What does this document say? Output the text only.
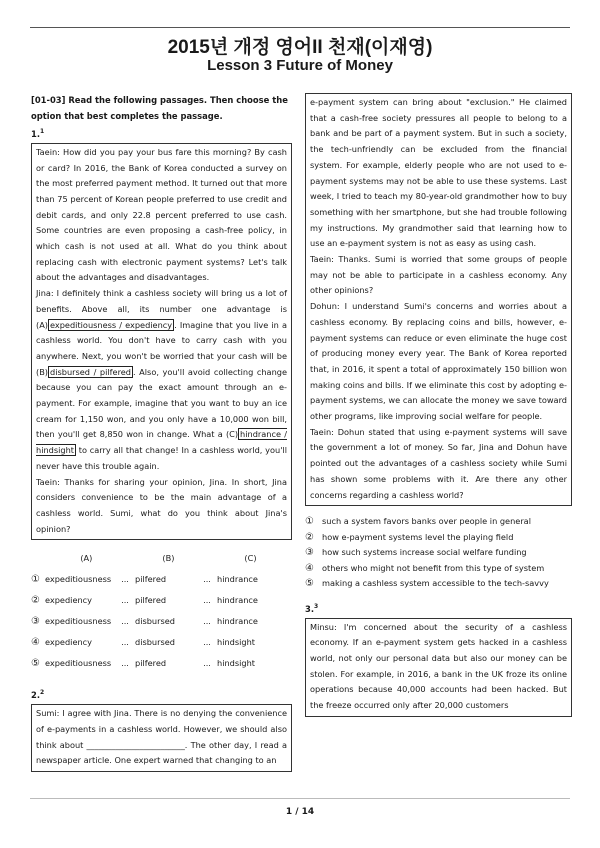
2015년 개정 영어II 천재(이재영)
Lesson 3 Future of Money
[01-03] Read the following passages. Then choose the option that best completes the passage.
1.$^1$

Taein: How did you pay your bus fare this morning? By cash or card? In 2016, the Bank of Korea conducted a survey on the most preferred payment method. It turned out that more than 75 percent of Korean people preferred to use credit and debit cards, and only 22.8 percent preferred to use cash. Some countries are even proposing a cash-free policy, in which cash is not used at all. What do you think about replacing cash with electronic payment systems? Let's talk about the advantages and disadvantages.

Jina: I definitely think a cashless society will bring us a lot of benefits. Above all, its number one advantage is (A) expeditiousness / expediency . Imagine that you live in a cashless world. You don't have to carry cash with you anywhere. Next, you won't be worried that your cash will be (B) disbursed / pilfered . Also, you'll avoid collecting change because you can pay the exact amount through an e-payment. For example, imagine that you want to buy an ice cream for 1,150 won, and you only have a 10,000 won bill, then you'll get 8,850 won in change. What a (C) hindrance / hindsight to carry all that change! In a cashless world, you'll never have this trouble again.

Taein: Thanks for sharing your opinion, Jina. In short, Jina considers convenience to be the main advantage of a cashless world. Sumi, what do you think about Jina's opinion?

(A)	(B)	(C)
① expeditiousness	... pilfered	... hindrance
② expediency	... pilfered	... hindrance
③ expeditiousness	... disbursed	... hindrance
④ expediency	... disbursed	... hindsight
⑤ expeditiousness	... pilfered	... hindsight
2.$^2$

Sumi: I agree with Jina. There is no denying the convenience of e-payments in a cashless world. However, we should also think about ________________________. The other day, I read a newspaper article. One expert warned that changing to an

e-payment system can bring about "exclusion." He claimed that a cash-free society pressures all people to belong to a bank and be part of a payment system. But in such a society, the tech-unfriendly can be excluded from the financial system. For example, elderly people who are not used to e-payment systems may not be able to use these systems. Last week, I tried to teach my 80-year-old grandmother how to buy something with her smartphone, but she had trouble following my instructions. My grandmother said that learning how to use an e-payment system is not as easy as using cash.

Taein: Thanks. Sumi is worried that some groups of people may not be able to participate in a cashless economy. Any other opinions?

Dohun: I understand Sumi's concerns and worries about a cashless economy. By replacing coins and bills, however, e-payment systems can reduce or even eliminate the huge cost of producing money every year. The Bank of Korea reported that, in 2016, it spent a total of approximately 150 billion won making coins and bills. If we eliminate this cost by adopting e-payment systems, we can allocate the money we save toward other programs, like improving social welfare for people.

Taein: Dohun stated that using e-payment systems will save the government a lot of money. So far, Jina and Dohun have pointed out the advantages of a cashless society while Sumi has shown some problems with it. Are there any other concerns regarding a cashless world?

① such a system favors banks over people in general
② how e-payment systems level the playing field
③ how such systems increase social welfare funding
④ others who might not benefit from this type of system
⑤ making a cashless system accessible to the tech-savvy
3.$^3$

Minsu: I'm concerned about the security of a cashless economy. If an e-payment system gets hacked in a cashless world, not only our personal data but also our money can be stolen. For example, in 2016, a bank in the UK froze its online operations because 40,000 accounts had been hacked. But the freeze occurred only after 20,000 customers

1 / 14
